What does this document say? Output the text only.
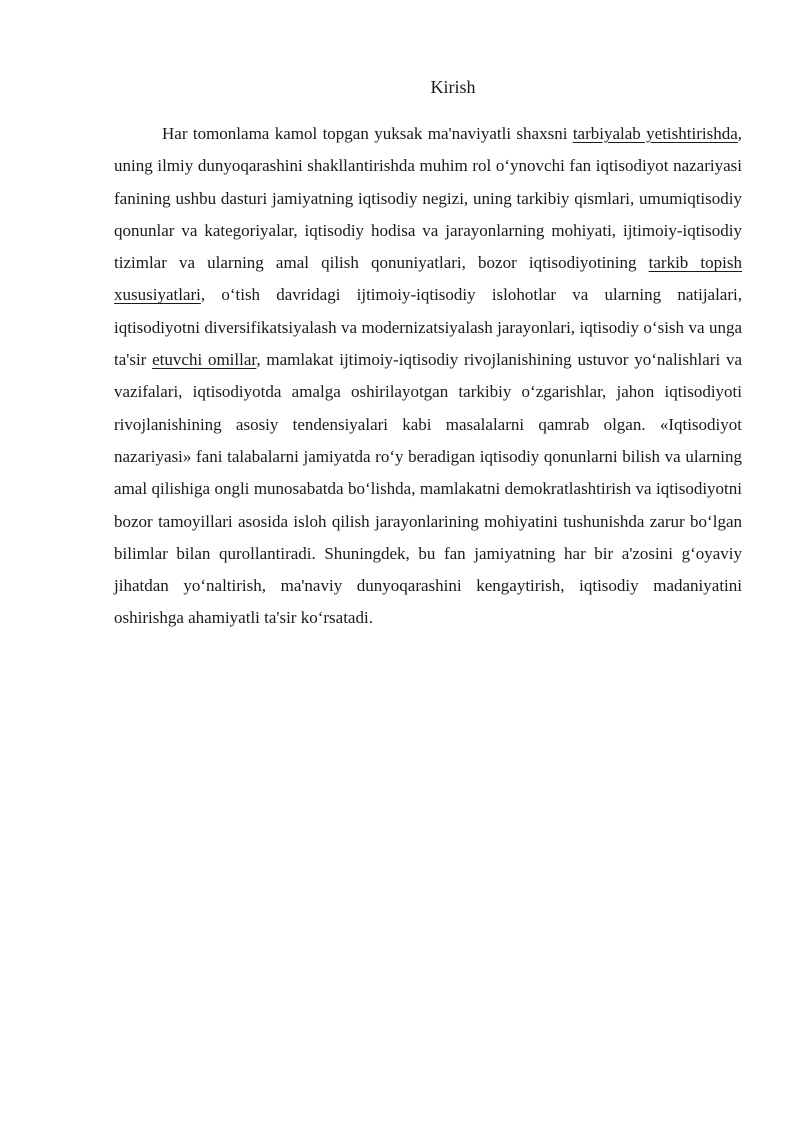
Kirish

Har tomonlama kamol topgan yuksak ma'naviyatli shaxsni tarbiyalab yetishtirishda, uning ilmiy dunyoqarashini shakllantirishda muhim rol o‘ynovchi fan iqtisodiyot nazariyasi fanining ushbu dasturi jamiyatning iqtisodiy negizi, uning tarkibiy qismlari, umumiqtisodiy qonunlar va kategoriyalar, iqtisodiy hodisa va jarayonlarning mohiyati, ijtimoiy-iqtisodiy tizimlar va ularning amal qilish qonuniyatlari, bozor iqtisodiyotining tarkib topish xususiyatlari, o‘tish davridagi ijtimoiy-iqtisodiy islohotlar va ularning natijalari, iqtisodiyotni diversifikatsiyalash va modernizatsiyalash jarayonlari, iqtisodiy o‘sish va unga ta'sir etuvchi omillar, mamlakat ijtimoiy-iqtisodiy rivojlanishining ustuvor yo‘nalishlari va vazifalari, iqtisodiyotda amalga oshirilayotgan tarkibiy o‘zgarishlar, jahon iqtisodiyoti rivojlanishining asosiy tendensiyalari kabi masalalarni qamrab olgan. «Iqtisodiyot nazariyasi» fani talabalarni jamiyatda ro‘y beradigan iqtisodiy qonunlarni bilish va ularning amal qilishiga ongli munosabatda bo‘lishda, mamlakatni demokratlashtirish va iqtisodiyotni bozor tamoyillari asosida isloh qilish jarayonlarining mohiyatini tushunishda zarur bo‘lgan bilimlar bilan qurollantiradi. Shuningdek, bu fan jamiyatning har bir a'zosini g‘oyaviy jihatdan yo‘naltirish, ma'naviy dunyoqarashini kengaytirish, iqtisodiy madaniyatini oshirishga ahamiyatli ta'sir ko‘rsatadi.
